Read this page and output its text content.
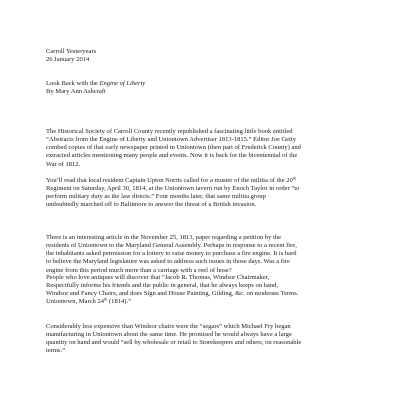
Carroll Yesteryears
26 January 2014
Look Back with the Engine of Liberty
By Mary Ann Ashcraft
The Historical Society of Carroll County recently republished a fascinating little book entitled
“Abstracts from the Engine of Liberty and Uniontown Advertiser 1813-1815.” Editor Joe Getty
combed copies of that early newspaper printed in Uniontown (then part of Frederick County) and
extracted articles mentioning many people and events. Now it is back for the bicentennial of the
War of 1812.
You’ll read that local resident Captain Upton Norris called for a muster of the militia of the 20th
Regiment on Saturday, April 30, 1814, at the Uniontown tavern run by Enoch Taylor in order “to
perform military duty as the law directs.” Four months later, that same militia group
undoubtedly marched off to Baltimore to answer the threat of a British invasion.
There is an interesting article in the November 25, 1813, paper regarding a petition by the
residents of Uniontown to the Maryland General Assembly. Perhaps in response to a recent fire,
the inhabitants asked permission for a lottery to raise money to purchase a fire engine. It is hard
to believe the Maryland legislature was asked to address such issues in those days. Was a fire
engine from this period much more than a carriage with a reel of hose?
People who love antiques will discover that “Jacob R. Thomas, Windsor Chairmaker,
Respectfully informs his friends and the public in general, that he always keeps on hand,
Windsor and Fancy Chairs, and does Sign and House Painting, Gilding, &c. on moderate Terms.
Uniontown, March 24th (1814).”
Considerably less expensive than Windsor chairs were the “segars” which Michael Fry began
manufacturing in Uniontown about the same time. He promised he would always have a large
quantity on hand and would “sell by wholesale or retail to Storekeepers and others, on reasonable
terms.”
